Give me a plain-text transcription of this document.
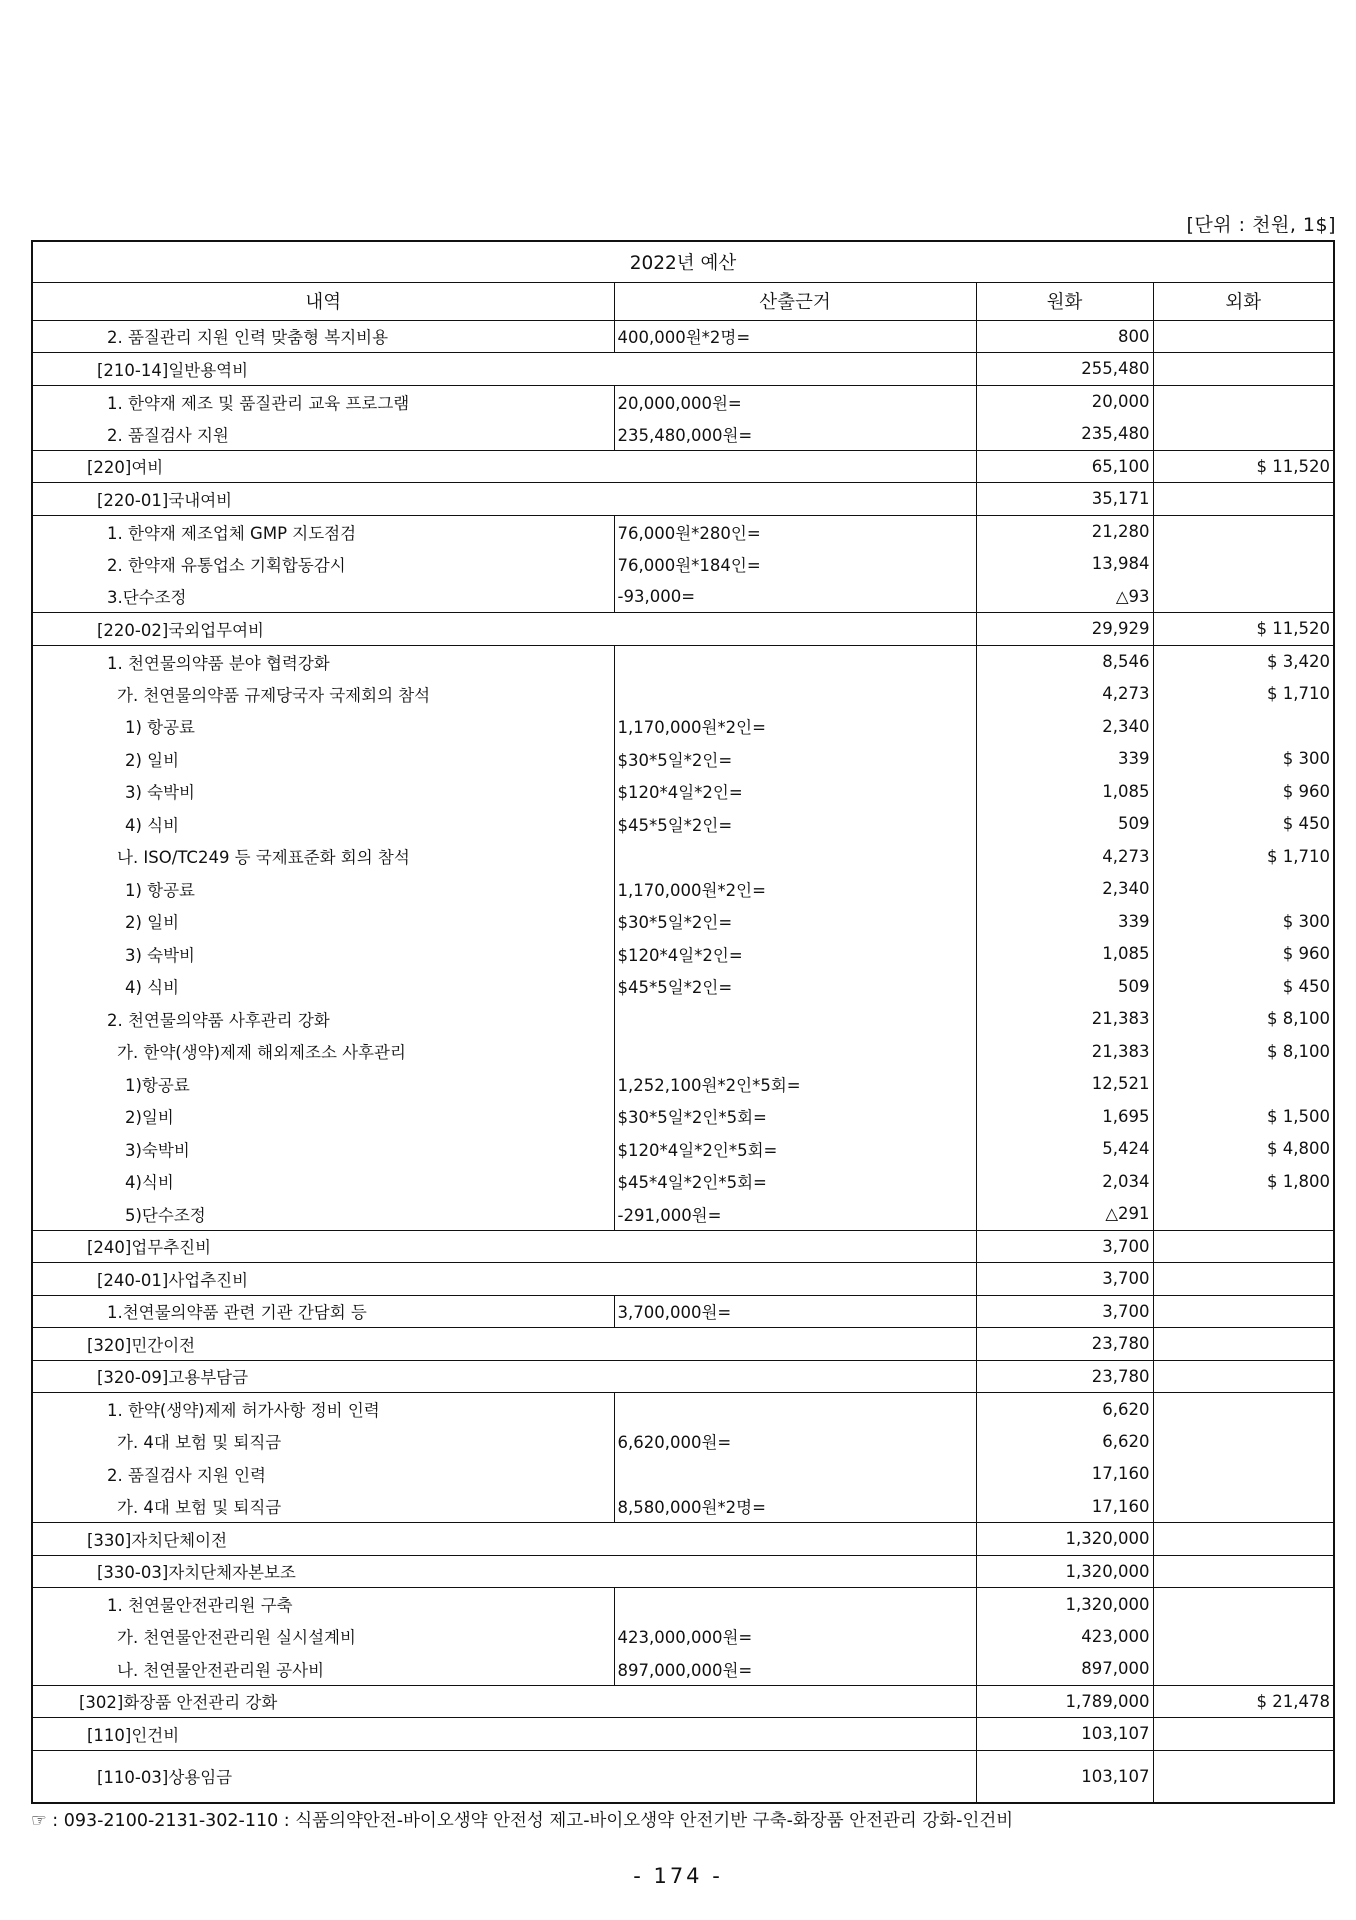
[단위 : 천원, 1$]
2022년 예산			
내역	산출근거	원화	외화
2. 품질관리 지원 인력 맞춤형 복지비용	400,000원*2명=	800	
[210-14]일반용역비		255,480	
1. 한약재 제조 및 품질관리 교육 프로그램	20,000,000원=	20,000	
2. 품질검사 지원	235,480,000원=	235,480	
[220]여비		65,100	$ 11,520
[220-01]국내여비		35,171	
1. 한약재 제조업체 GMP 지도점검	76,000원*280인=	21,280	
2. 한약재 유통업소 기획합동감시	76,000원*184인=	13,984	
3.단수조정	-93,000=	△93	
[220-02]국외업무여비		29,929	$ 11,520
1. 천연물의약품 분야 협력강화		8,546	$ 3,420
가. 천연물의약품 규제당국자 국제회의 참석		4,273	$ 1,710
1) 항공료	1,170,000원*2인=	2,340	
2) 일비	$30*5일*2인=	339	$ 300
3) 숙박비	$120*4일*2인=	1,085	$ 960
4) 식비	$45*5일*2인=	509	$ 450
나. ISO/TC249 등 국제표준화 회의 참석		4,273	$ 1,710
1) 항공료	1,170,000원*2인=	2,340	
2) 일비	$30*5일*2인=	339	$ 300
3) 숙박비	$120*4일*2인=	1,085	$ 960
4) 식비	$45*5일*2인=	509	$ 450
2. 천연물의약품 사후관리 강화		21,383	$ 8,100
가. 한약(생약)제제 해외제조소 사후관리		21,383	$ 8,100
1)항공료	1,252,100원*2인*5회=	12,521	
2)일비	$30*5일*2인*5회=	1,695	$ 1,500
3)숙박비	$120*4일*2인*5회=	5,424	$ 4,800
4)식비	$45*4일*2인*5회=	2,034	$ 1,800
5)단수조정	-291,000원=	△291	
[240]업무추진비		3,700	
[240-01]사업추진비		3,700	
1.천연물의약품 관련 기관 간담회 등	3,700,000원=	3,700	
[320]민간이전		23,780	
[320-09]고용부담금		23,780	
1. 한약(생약)제제 허가사항 정비 인력		6,620	
가. 4대 보험 및 퇴직금	6,620,000원=	6,620	
2. 품질검사 지원 인력		17,160	
가. 4대 보험 및 퇴직금	8,580,000원*2명=	17,160	
[330]자치단체이전		1,320,000	
[330-03]자치단체자본보조		1,320,000	
1. 천연물안전관리원 구축		1,320,000	
가. 천연물안전관리원 실시설계비	423,000,000원=	423,000	
나. 천연물안전관리원 공사비	897,000,000원=	897,000	
[302]화장품 안전관리 강화		1,789,000	$ 21,478
[110]인건비		103,107	
[110-03]상용임금		103,107	
☞ : 093-2100-2131-302-110 : 식품의약안전-바이오생약 안전성 제고-바이오생약 안전기반 구축-화장품 안전관리 강화-인건비
- 174 -
